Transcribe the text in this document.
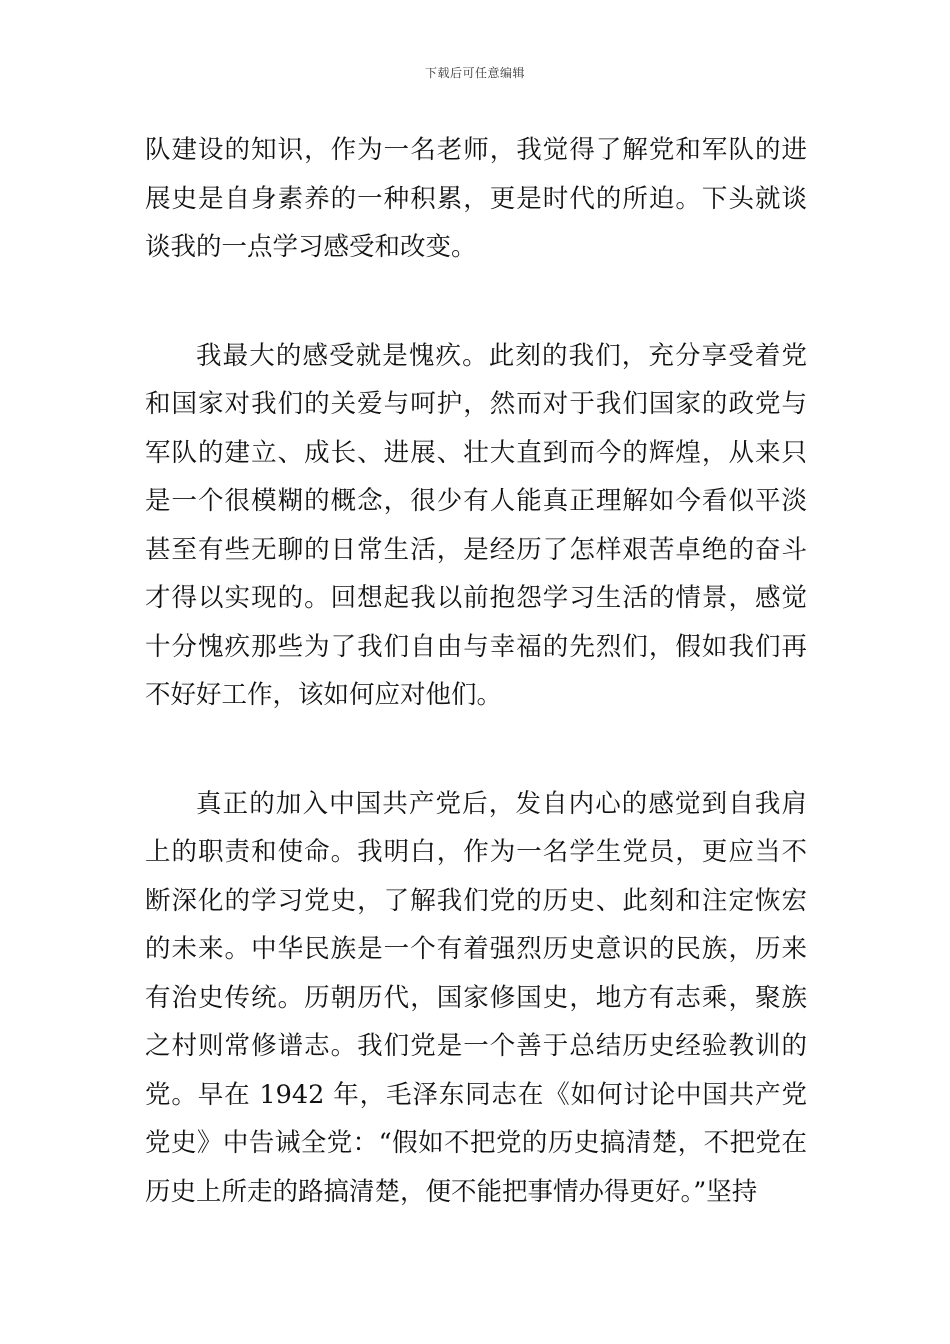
下载后可任意编辑

队建设的知识，作为一名老师，我觉得了解党和军队的进展史是自身素养的一种积累，更是时代的所迫。下头就谈谈我的一点学习感受和改变。

我最大的感受就是愧疚。此刻的我们，充分享受着党和国家对我们的关爱与呵护，然而对于我们国家的政党与军队的建立、成长、进展、壮大直到而今的辉煌，从来只是一个很模糊的概念，很少有人能真正理解如今看似平淡甚至有些无聊的日常生活，是经历了怎样艰苦卓绝的奋斗才得以实现的。回想起我以前抱怨学习生活的情景，感觉十分愧疚那些为了我们自由与幸福的先烈们，假如我们再不好好工作，该如何应对他们。

真正的加入中国共产党后，发自内心的感觉到自我肩上的职责和使命。我明白，作为一名学生党员，更应当不断深化的学习党史，了解我们党的历史、此刻和注定恢宏的未来。中华民族是一个有着强烈历史意识的民族，历来有治史传统。历朝历代，国家修国史，地方有志乘，聚族之村则常修谱志。我们党是一个善于总结历史经验教训的党。早在 1942 年，毛泽东同志在《如何讨论中国共产党党史》中告诫全党：“假如不把党的历史搞清楚，不把党在历史上所走的路搞清楚，便不能把事情办得更好。”坚持
